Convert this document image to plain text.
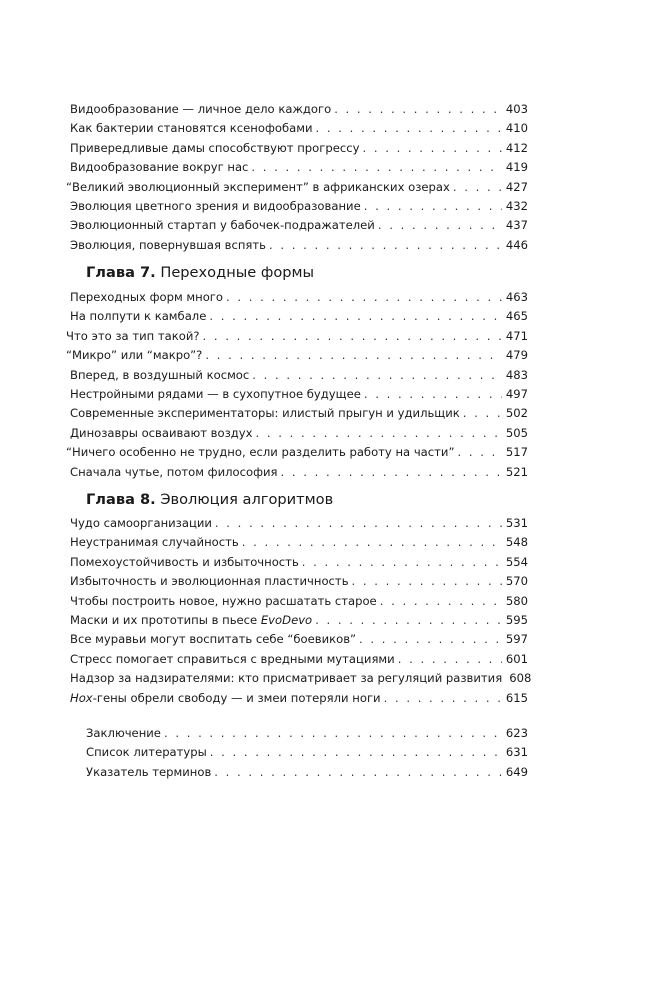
Видообразование — личное дело каждого . . .	403
Как бактерии становятся ксенофобами . . .	410
Привередливые дамы способствуют прогрессу . . .	412
Видообразование вокруг нас . . .	419
“Великий эволюционный эксперимент” в африканских озерах . . .	427
Эволюция цветного зрения и видообразование . . .	432
Эволюционный стартап у бабочек-подражателей . . .	437
Эволюция, повернувшая вспять . . .	446
Глава 7. Переходные формы
Переходных форм много . . .	463
На полпути к камбале . . .	465
Что это за тип такой? . . .	471
“Микро” или “макро”? . . .	479
Вперед, в воздушный космос . . .	483
Нестройными рядами — в сухопутное будущее . . .	497
Современные экспериментаторы: илистый прыгун и удильщик . . .	502
Динозавры осваивают воздух . . .	505
“Ничего особенно не трудно, если разделить работу на части” . . .	517
Сначала чутье, потом философия . . .	521
Глава 8. Эволюция алгоритмов
Чудо самоорганизации . . .	531
Неустранимая случайность . . .	548
Помехоустойчивость и избыточность . . .	554
Избыточность и эволюционная пластичность . . .	570
Чтобы построить новое, нужно расшатать старое . . .	580
Маски и их прототипы в пьесе EvoDevo . . .	595
Все муравьи могут воспитать себе “боевиков” . . .	597
Стресс помогает справиться с вредными мутациями . . .	601
Надзор за надзирателями: кто присматривает за регуляций развития 608
Hox-гены обрели свободу — и змеи потеряли ноги . . .	615
Заключение . . .	623
Список литературы . . .	631
Указатель терминов . . .	649
